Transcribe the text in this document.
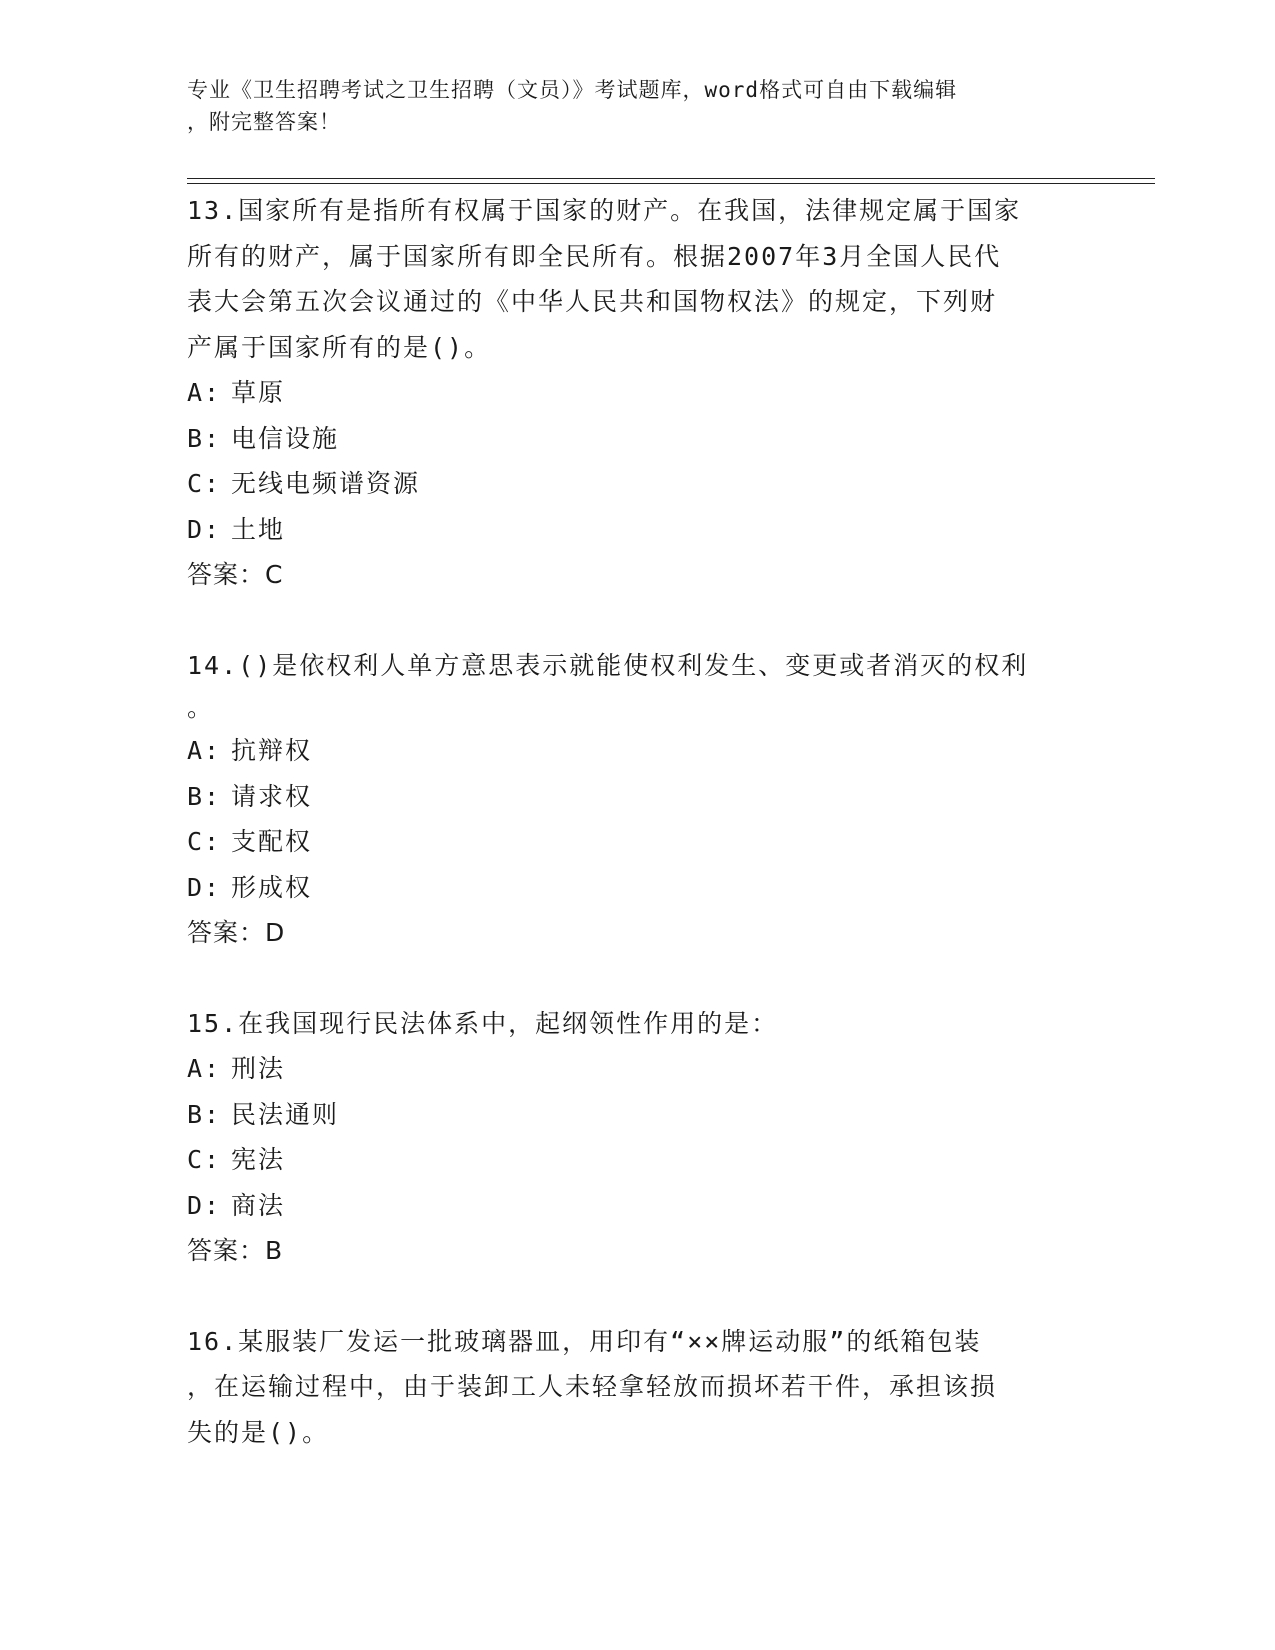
专业《卫生招聘考试之卫生招聘（文员）》考试题库，word格式可自由下载编辑
，附完整答案！
13.国家所有是指所有权属于国家的财产。在我国，法律规定属于国家
所有的财产，属于国家所有即全民所有。根据2007年3月全国人民代
表大会第五次会议通过的《中华人民共和国物权法》的规定，下列财
产属于国家所有的是()。
A: 草原
B: 电信设施
C: 无线电频谱资源
D: 土地
答案：C
14.()是依权利人单方意思表示就能使权利发生、变更或者消灭的权利
。
A: 抗辩权
B: 请求权
C: 支配权
D: 形成权
答案：D
15.在我国现行民法体系中，起纲领性作用的是：
A: 刑法
B: 民法通则
C: 宪法
D: 商法
答案：B
16.某服装厂发运一批玻璃器皿，用印有“××牌运动服”的纸箱包装
，在运输过程中，由于装卸工人未轻拿轻放而损坏若干件，承担该损
失的是()。
